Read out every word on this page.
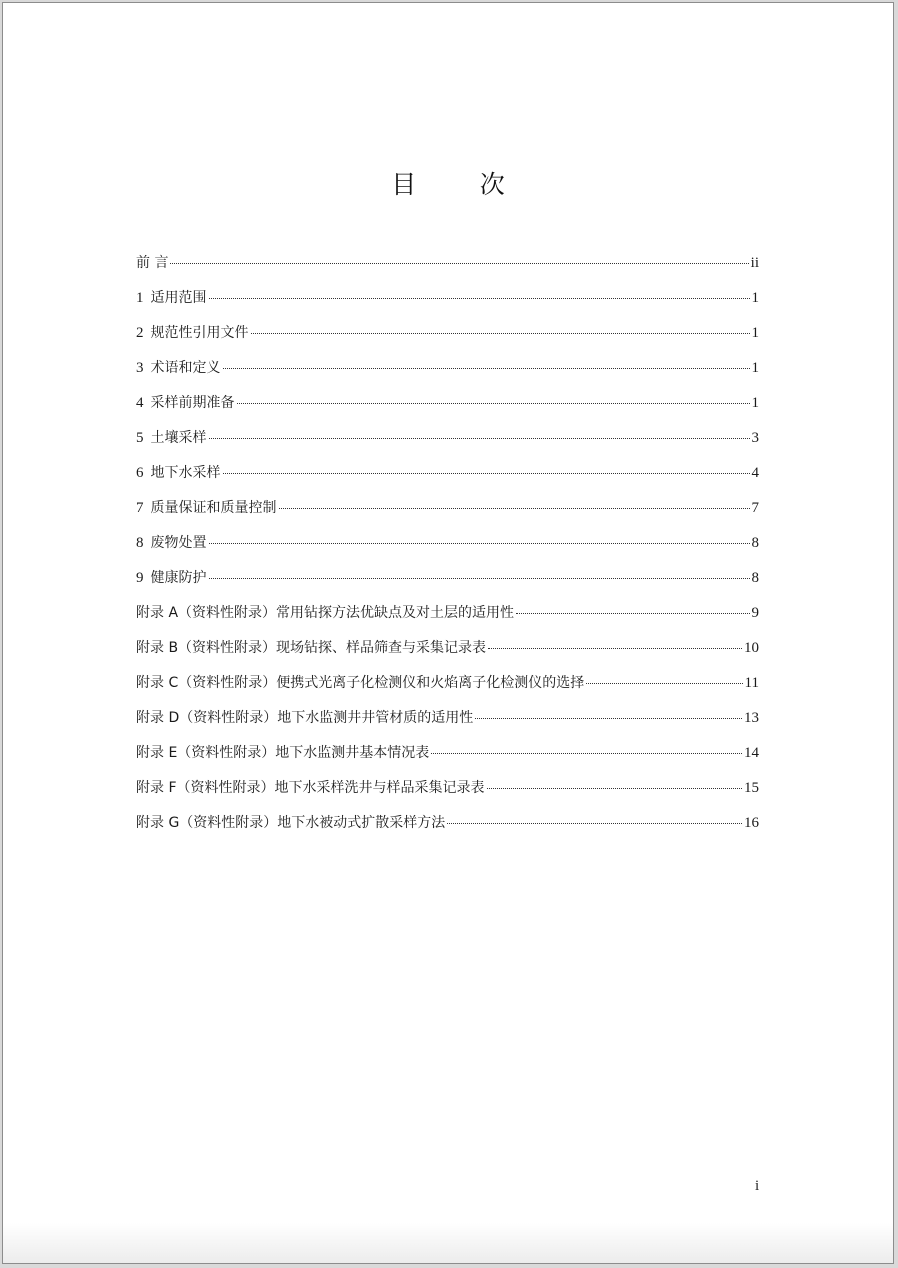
目        次
前 言	ii
1 适用范围	1
2 规范性引用文件	1
3 术语和定义	1
4 采样前期准备	1
5 土壤采样	3
6 地下水采样	4
7 质量保证和质量控制	7
8 废物处置	8
9 健康防护	8
附录 A（资料性附录）常用钻探方法优缺点及对土层的适用性	9
附录 B（资料性附录）现场钻探、样品筛查与采集记录表	10
附录 C（资料性附录）便携式光离子化检测仪和火焰离子化检测仪的选择	11
附录 D（资料性附录）地下水监测井井管材质的适用性	13
附录 E（资料性附录）地下水监测井基本情况表	14
附录 F（资料性附录）地下水采样洗井与样品采集记录表	15
附录 G（资料性附录）地下水被动式扩散采样方法	16
i
